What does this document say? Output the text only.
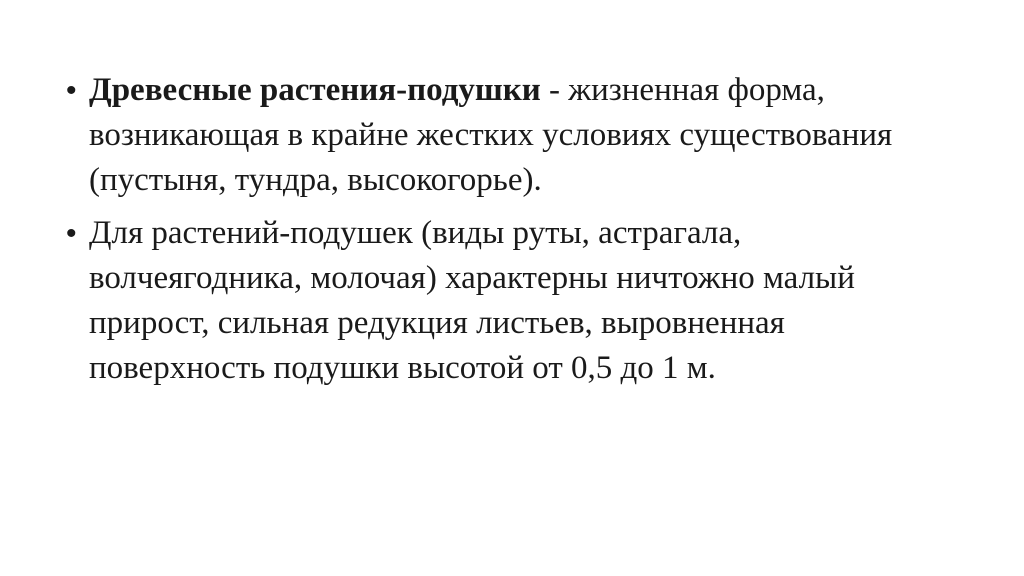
• Древесные растения-подушки - жизненная форма, возникающая в крайне жестких условиях существования (пустыня, тундра, высокогорье).
• Для растений-подушек (виды руты, астрагала, волчеягодника, молочая) характерны ничтожно малый прирост, сильная редукция листьев, выровненная поверхность подушки высотой от 0,5 до 1 м.
